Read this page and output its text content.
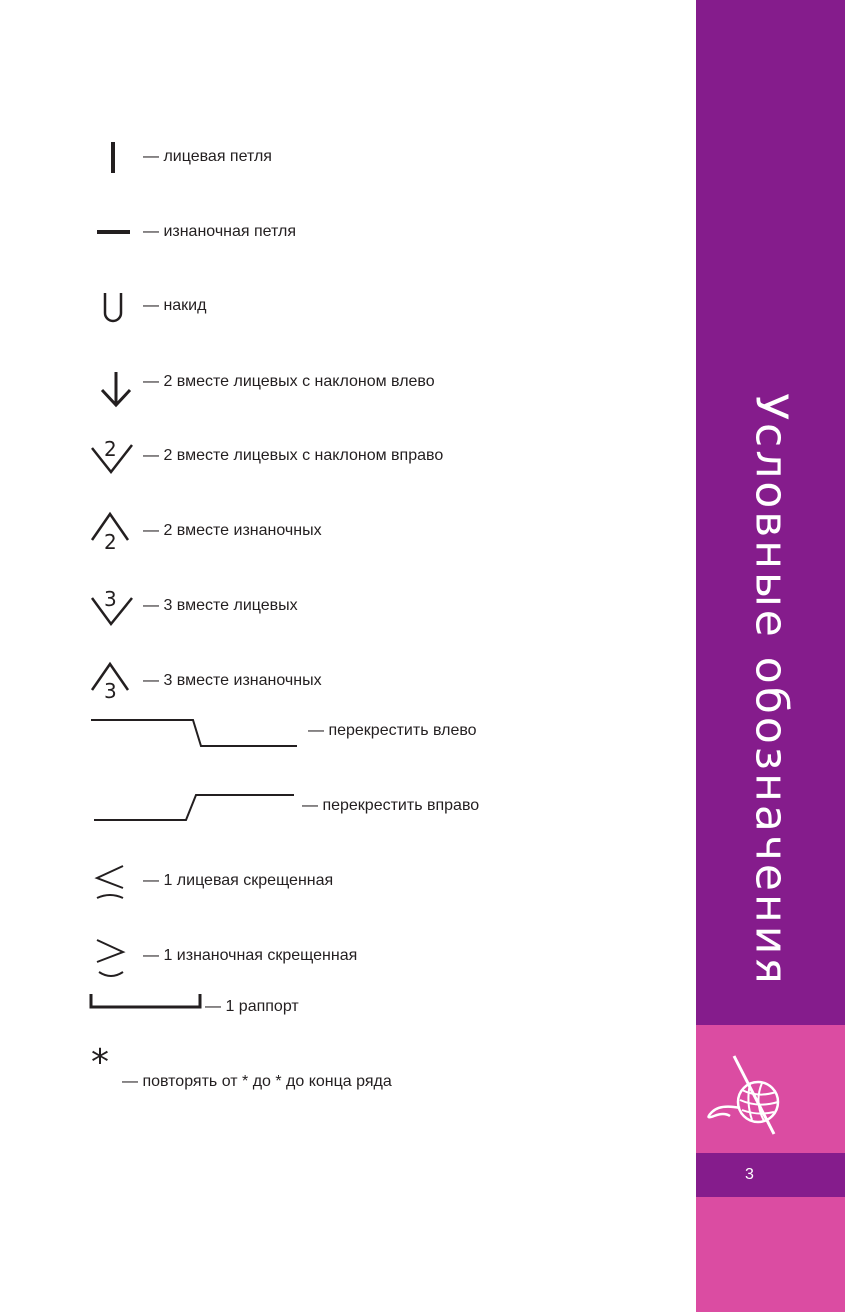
— лицевая петля
— изнаночная петля
— накид
— 2 вместе лицевых с наклоном влево
2 — 2 вместе лицевых с наклоном вправо
2 — 2 вместе изнаночных
3 — 3 вместе лицевых
3 — 3 вместе изнаночных
— перекрестить влево
— перекрестить вправо
— 1 лицевая скрещенная
— 1 изнаночная скрещенная
— 1 раппорт
* — повторять от * до * до конца ряда
Условные обозначения
3
